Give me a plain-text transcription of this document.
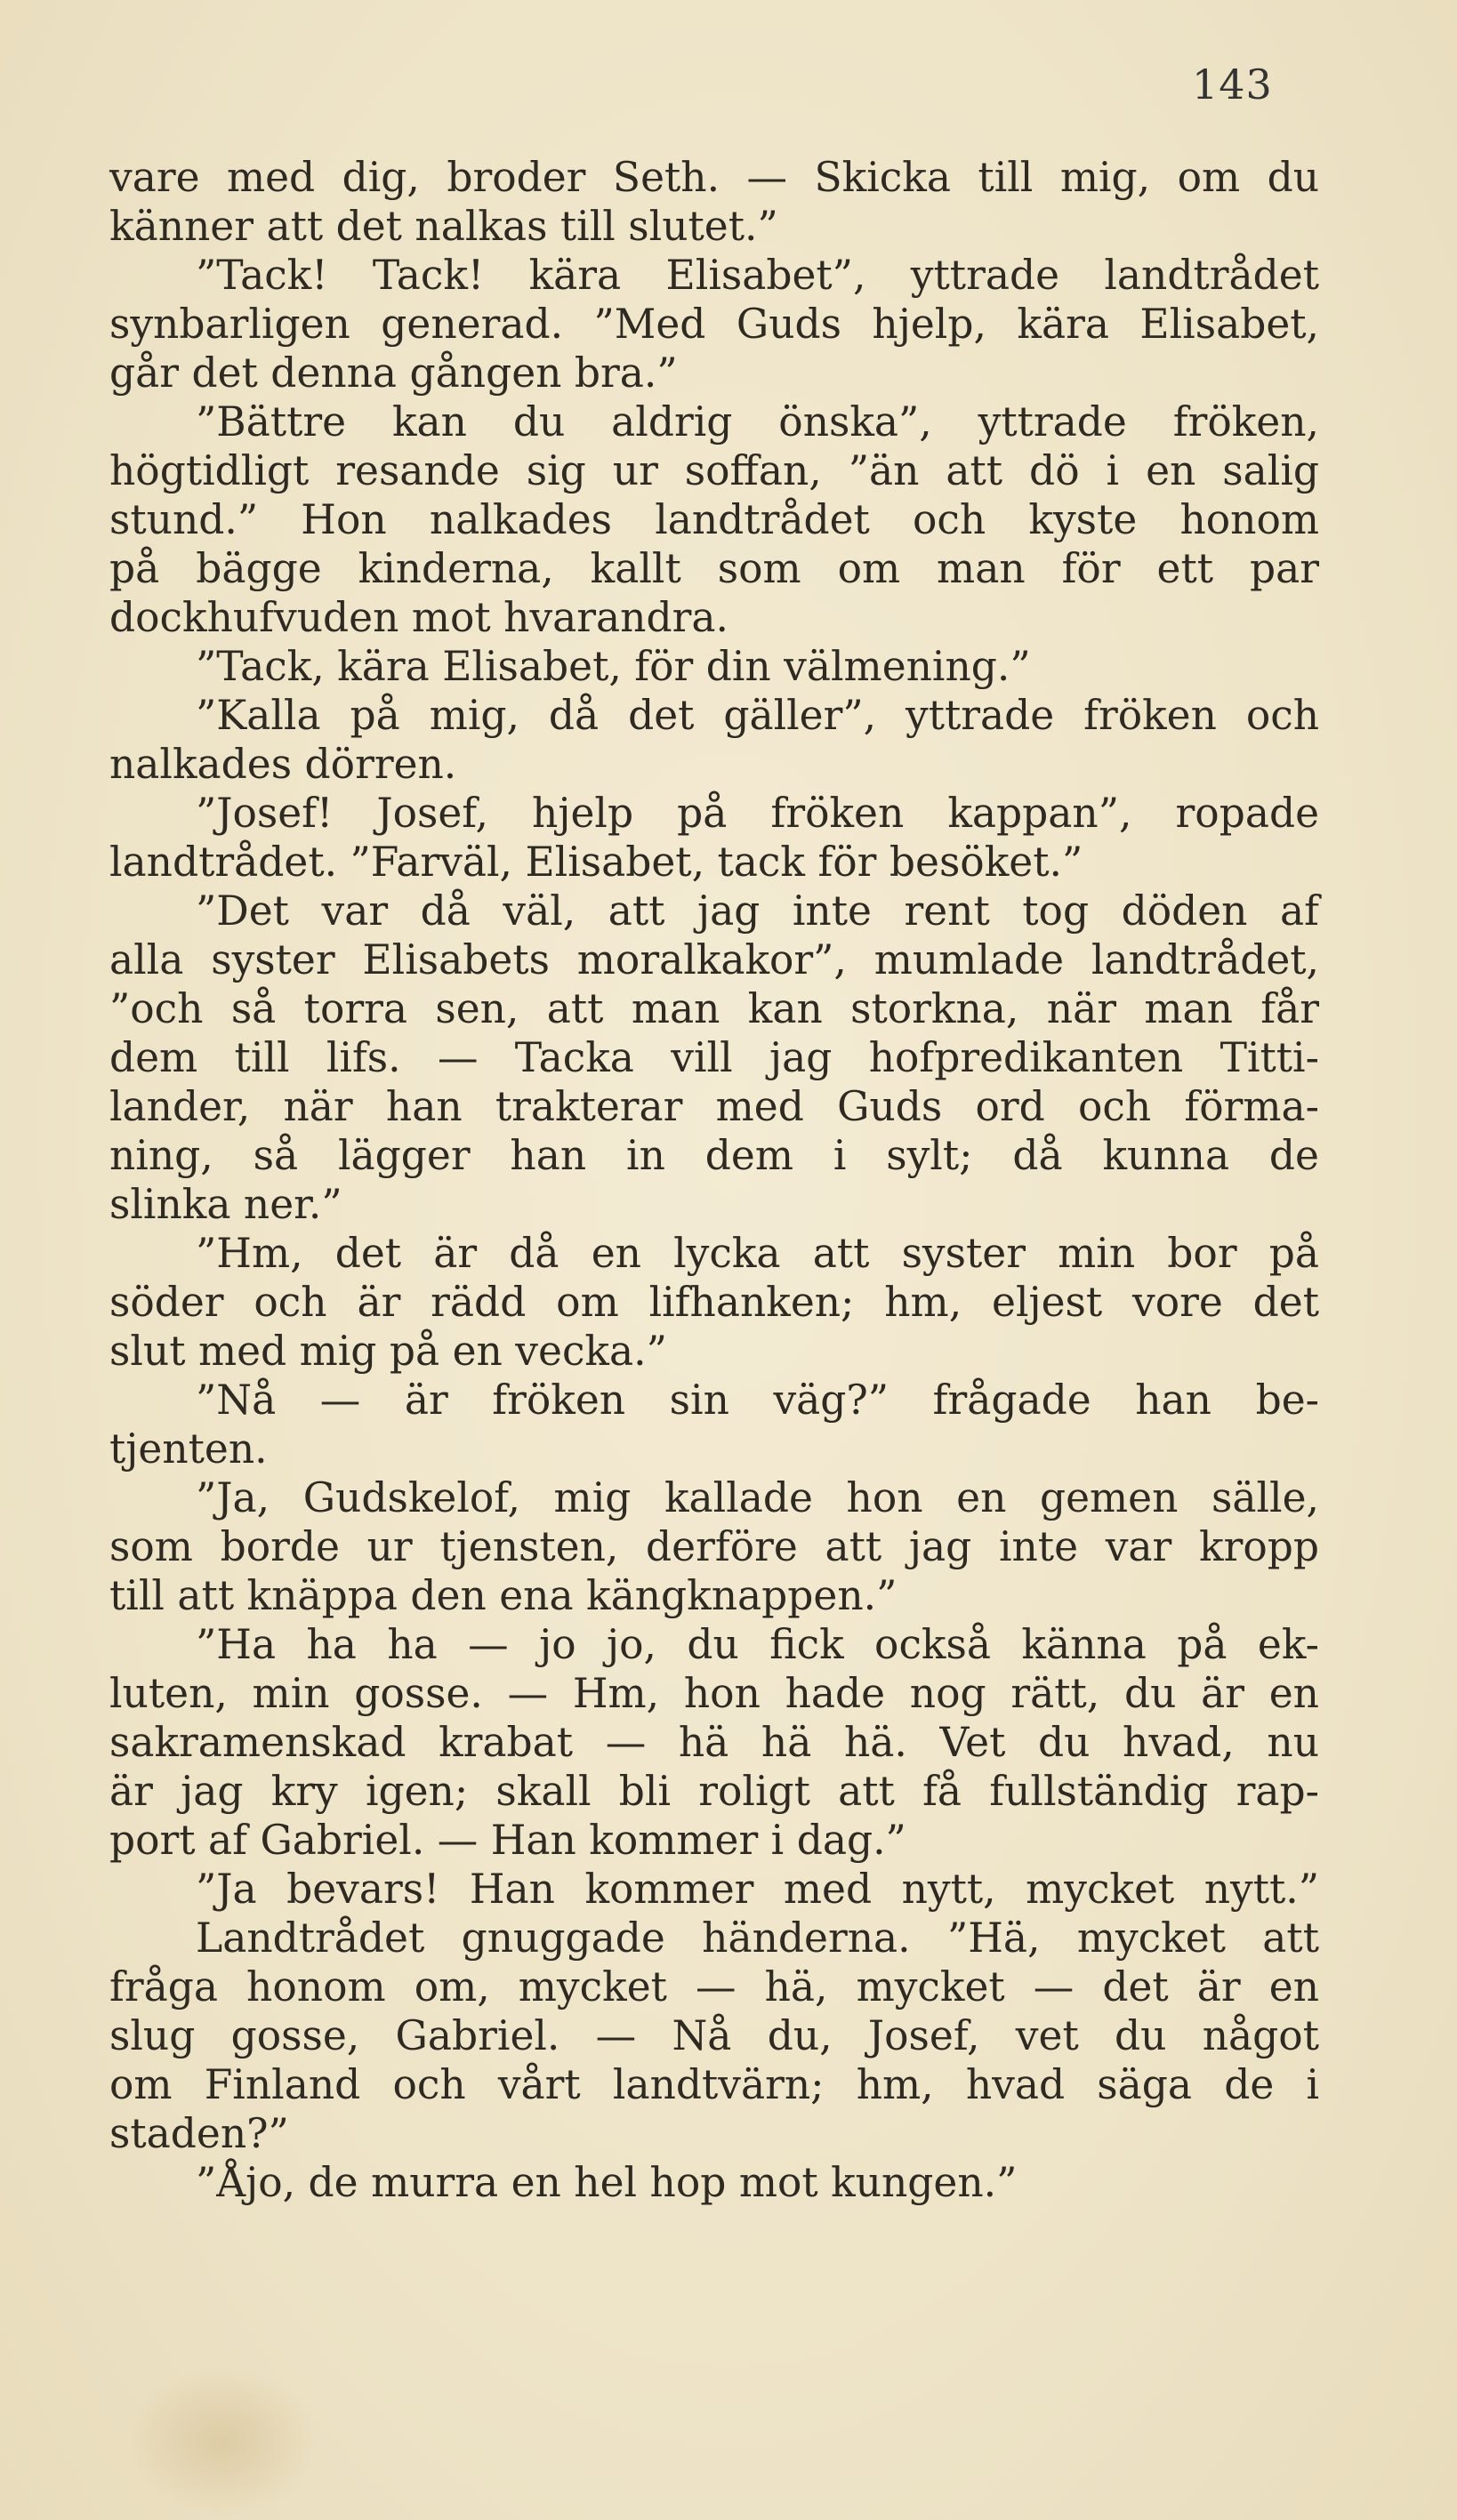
143
vare med dig, broder Seth. — Skicka till mig, om du
känner att det nalkas till slutet.”
”Tack! Tack! kära Elisabet”, yttrade landtrådet
synbarligen generad. ”Med Guds hjelp, kära Elisabet,
går det denna gången bra.”
”Bättre kan du aldrig önska”, yttrade fröken,
högtidligt resande sig ur soffan, ”än att dö i en salig
stund.” Hon nalkades landtrådet och kyste honom
på bägge kinderna, kallt som om man för ett par
dockhufvuden mot hvarandra.
”Tack, kära Elisabet, för din välmening.”
”Kalla på mig, då det gäller”, yttrade fröken och
nalkades dörren.
”Josef! Josef, hjelp på fröken kappan”, ropade
landtrådet. ”Farväl, Elisabet, tack för besöket.”
”Det var då väl, att jag inte rent tog döden af
alla syster Elisabets moralkakor”, mumlade landtrådet,
”och så torra sen, att man kan storkna, när man får
dem till lifs. — Tacka vill jag hofpredikanten Titti-
lander, när han trakterar med Guds ord och förma-
ning, så lägger han in dem i sylt; då kunna de
slinka ner.”
”Hm, det är då en lycka att syster min bor på
söder och är rädd om lifhanken; hm, eljest vore det
slut med mig på en vecka.”
”Nå — är fröken sin väg?” frågade han be-
tjenten.
”Ja, Gudskelof, mig kallade hon en gemen sälle,
som borde ur tjensten, derföre att jag inte var kropp
till att knäppa den ena kängknappen.”
”Ha ha ha — jo jo, du fick också känna på ek-
luten, min gosse. — Hm, hon hade nog rätt, du är en
sakramenskad krabat — hä hä hä. Vet du hvad, nu
är jag kry igen; skall bli roligt att få fullständig rap-
port af Gabriel. — Han kommer i dag.”
”Ja bevars! Han kommer med nytt, mycket nytt.”
Landtrådet gnuggade händerna. ”Hä, mycket att
fråga honom om, mycket — hä, mycket — det är en
slug gosse, Gabriel. — Nå du, Josef, vet du något
om Finland och vårt landtvärn; hm, hvad säga de i
staden?”
”Åjo, de murra en hel hop mot kungen.”
